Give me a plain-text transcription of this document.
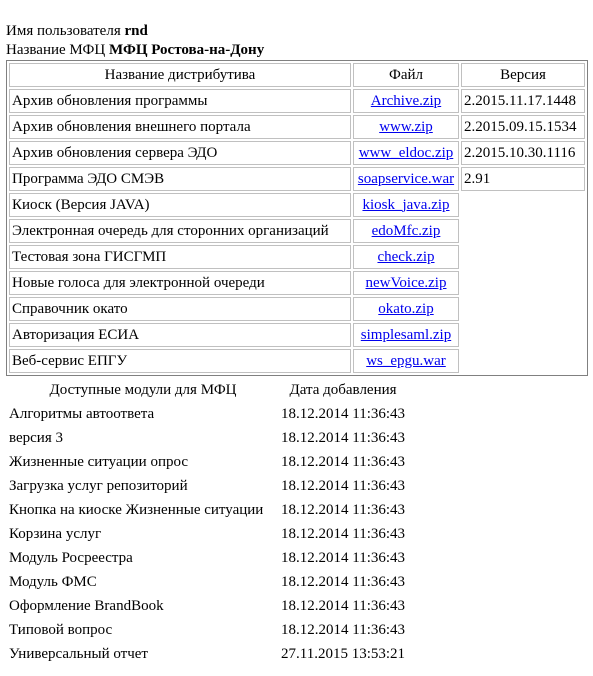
Имя пользователя rnd
Название МФЦ МФЦ Ростова-на-Дону
Название дистрибутива	Файл	Версия
Архив обновления программы	Archive.zip	2.2015.11.17.1448
Архив обновления внешнего портала	www.zip	2.2015.09.15.1534
Архив обновления сервера ЭДО	www_eldoc.zip	2.2015.10.30.1116
Программа ЭДО СМЭВ	soapservice.war	2.91
Киоск (Версия JAVA)	kiosk_java.zip	
Электронная очередь для сторонних организаций	edoMfc.zip	
Тестовая зона ГИСГМП	check.zip	
Новые голоса для электронной очереди	newVoice.zip	
Справочник окато	okato.zip	
Авторизация ЕСИА	simplesaml.zip	
Веб-сервис ЕПГУ	ws_epgu.war	
Доступные модули для МФЦ	Дата добавления
Алгоритмы автоответа	18.12.2014 11:36:43
версия 3	18.12.2014 11:36:43
Жизненные ситуации опрос	18.12.2014 11:36:43
Загрузка услуг репозиторий	18.12.2014 11:36:43
Кнопка на киоске Жизненные ситуации	18.12.2014 11:36:43
Корзина услуг	18.12.2014 11:36:43
Модуль Росреестра	18.12.2014 11:36:43
Модуль ФМС	18.12.2014 11:36:43
Оформление BrandBook	18.12.2014 11:36:43
Типовой вопрос	18.12.2014 11:36:43
Универсальный отчет	27.11.2015 13:53:21
